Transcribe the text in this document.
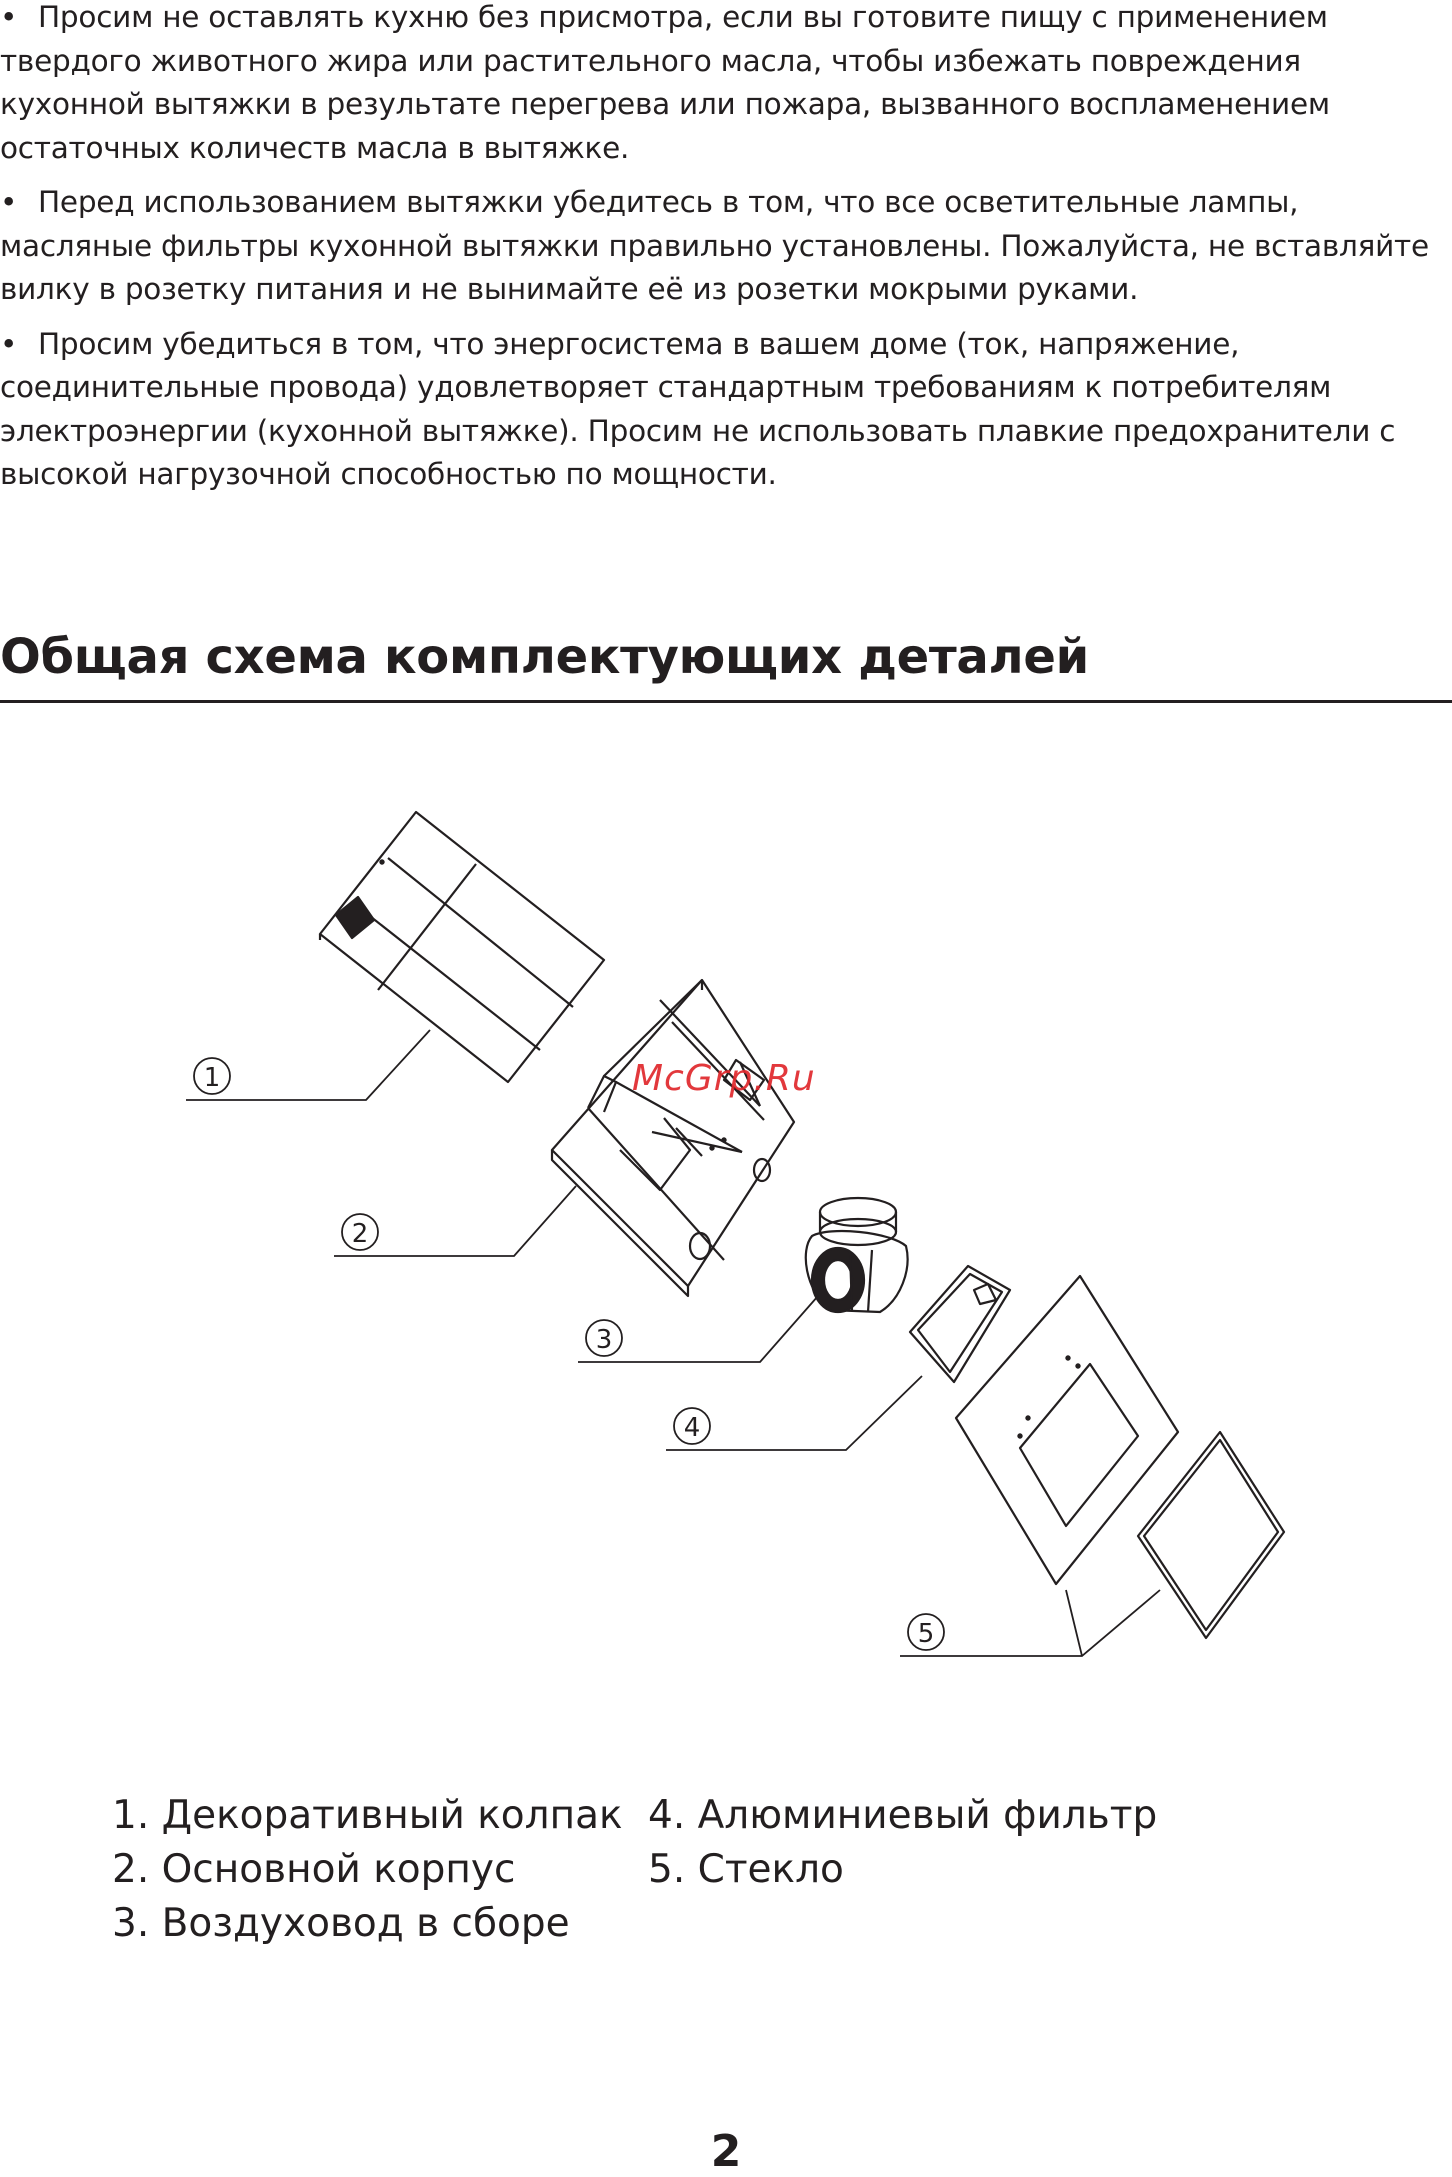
• Просим не оставлять кухню без присмотра, если вы готовите пищу с применением
твердого животного жира или растительного масла, чтобы избежать повреждения
кухонной вытяжки в результате перегрева или пожара, вызванного воспламенением
остаточных количеств масла в вытяжке.

• Перед использованием вытяжки убедитесь в том, что все осветительные лампы,
масляные фильтры кухонной вытяжки правильно установлены. Пожалуйста, не вставляйте
вилку в розетку питания и не вынимайте её из розетки мокрыми руками.

• Просим убедиться в том, что энергосистема в вашем доме (ток, напряжение,
соединительные провода) удовлетворяет стандартным требованиям к потребителям
электроэнергии (кухонной вытяжке). Просим не использовать плавкие предохранители с
высокой нагрузочной способностью по мощности.

Общая схема комплектующих деталей
1
2
3
4
5
McGrp.Ru
1. Декоративный колпак
2. Основной корпус
3. Воздуховод в сборе
4. Алюминиевый фильтр
5. Стекло
2
